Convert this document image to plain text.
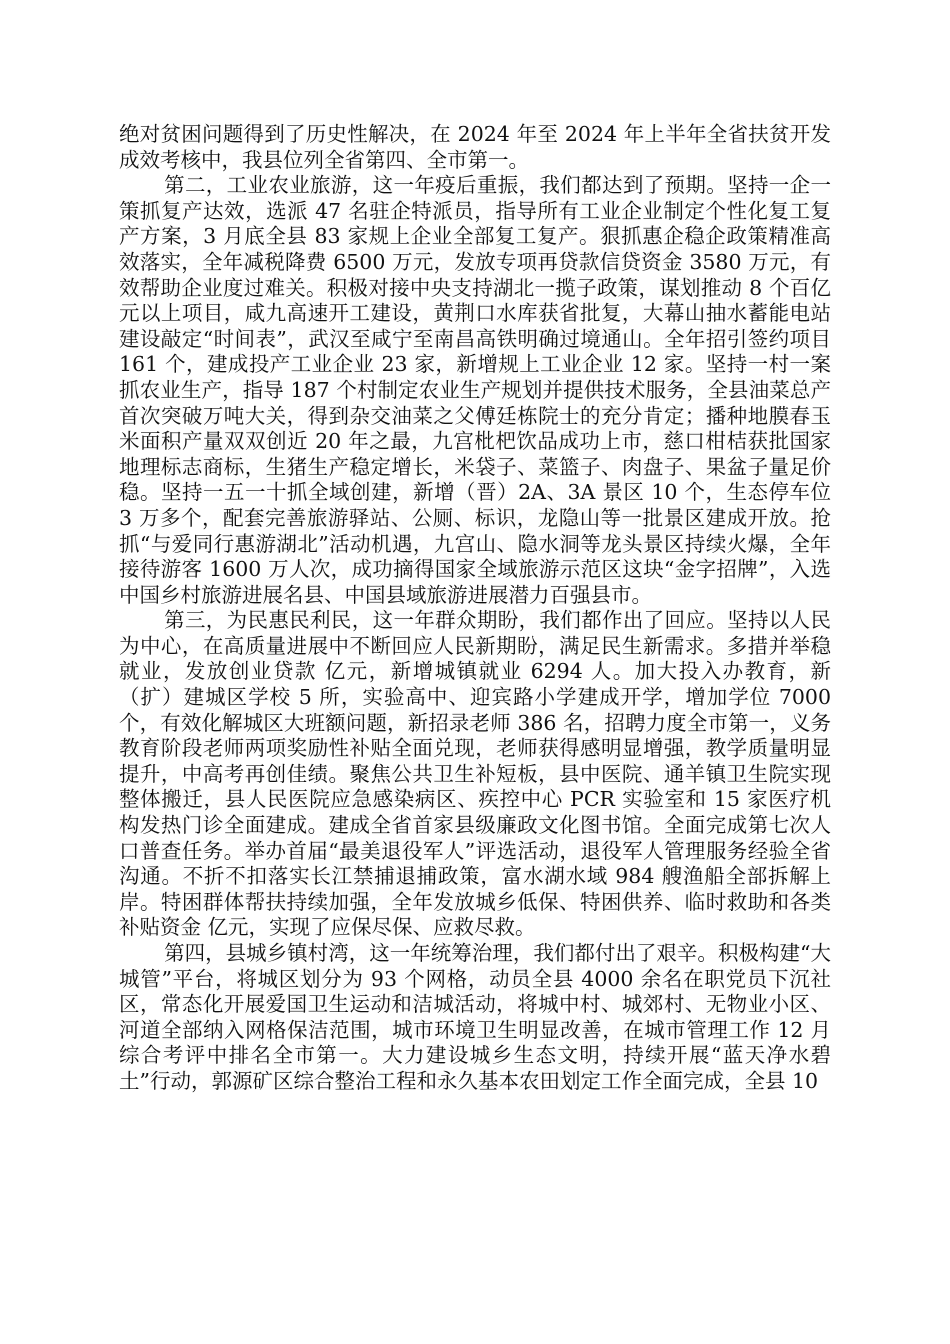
绝对贫困问题得到了历史性解决，在 2024 年至 2024 年上半年全省扶贫开发成效考核中，我县位列全省第四、全市第一。

第二，工业农业旅游，这一年疫后重振，我们都达到了预期。坚持一企一策抓复产达效，选派 47 名驻企特派员，指导所有工业企业制定个性化复工复产方案，3 月底全县 83 家规上企业全部复工复产。狠抓惠企稳企政策精准高效落实，全年减税降费 6500 万元，发放专项再贷款信贷资金 3580 万元，有效帮助企业度过难关。积极对接中央支持湖北一揽子政策，谋划推动 8 个百亿元以上项目，咸九高速开工建设，黄荆口水库获省批复，大幕山抽水蓄能电站建设敲定“时间表”，武汉至咸宁至南昌高铁明确过境通山。全年招引签约项目 161 个，建成投产工业企业 23 家，新增规上工业企业 12 家。坚持一村一案抓农业生产，指导 187 个村制定农业生产规划并提供技术服务，全县油菜总产首次突破万吨大关，得到杂交油菜之父傅廷栋院士的充分肯定；播种地膜春玉米面积产量双双创近 20 年之最，九宫枇杷饮品成功上市，慈口柑桔获批国家地理标志商标，生猪生产稳定增长，米袋子、菜篮子、肉盘子、果盆子量足价稳。坚持一五一十抓全域创建，新增（晋）2A、3A 景区 10 个，生态停车位 3 万多个，配套完善旅游驿站、公厕、标识，龙隐山等一批景区建成开放。抢抓“与爱同行惠游湖北”活动机遇，九宫山、隐水洞等龙头景区持续火爆，全年接待游客 1600 万人次，成功摘得国家全域旅游示范区这块“金字招牌”，入选中国乡村旅游进展名县、中国县域旅游进展潜力百强县市。

第三，为民惠民利民，这一年群众期盼，我们都作出了回应。坚持以人民为中心，在高质量进展中不断回应人民新期盼，满足民生新需求。多措并举稳就业，发放创业贷款 亿元，新增城镇就业 6294 人。加大投入办教育，新（扩）建城区学校 5 所，实验高中、迎宾路小学建成开学，增加学位 7000 个，有效化解城区大班额问题，新招录老师 386 名，招聘力度全市第一，义务教育阶段老师两项奖励性补贴全面兑现，老师获得感明显增强，教学质量明显提升，中高考再创佳绩。聚焦公共卫生补短板，县中医院、通羊镇卫生院实现整体搬迁，县人民医院应急感染病区、疾控中心 PCR 实验室和 15 家医疗机构发热门诊全面建成。建成全省首家县级廉政文化图书馆。全面完成第七次人口普查任务。举办首届“最美退役军人”评选活动，退役军人管理服务经验全省沟通。不折不扣落实长江禁捕退捕政策，富水湖水域 984 艘渔船全部拆解上岸。特困群体帮扶持续加强，全年发放城乡低保、特困供养、临时救助和各类补贴资金 亿元，实现了应保尽保、应救尽救。

第四，县城乡镇村湾，这一年统筹治理，我们都付出了艰辛。积极构建“大城管”平台，将城区划分为 93 个网格，动员全县 4000 余名在职党员下沉社区，常态化开展爱国卫生运动和洁城活动，将城中村、城郊村、无物业小区、河道全部纳入网格保洁范围，城市环境卫生明显改善，在城市管理工作 12 月综合考评中排名全市第一。大力建设城乡生态文明，持续开展“蓝天净水碧土”行动，郭源矿区综合整治工程和永久基本农田划定工作全面完成，全县 10
